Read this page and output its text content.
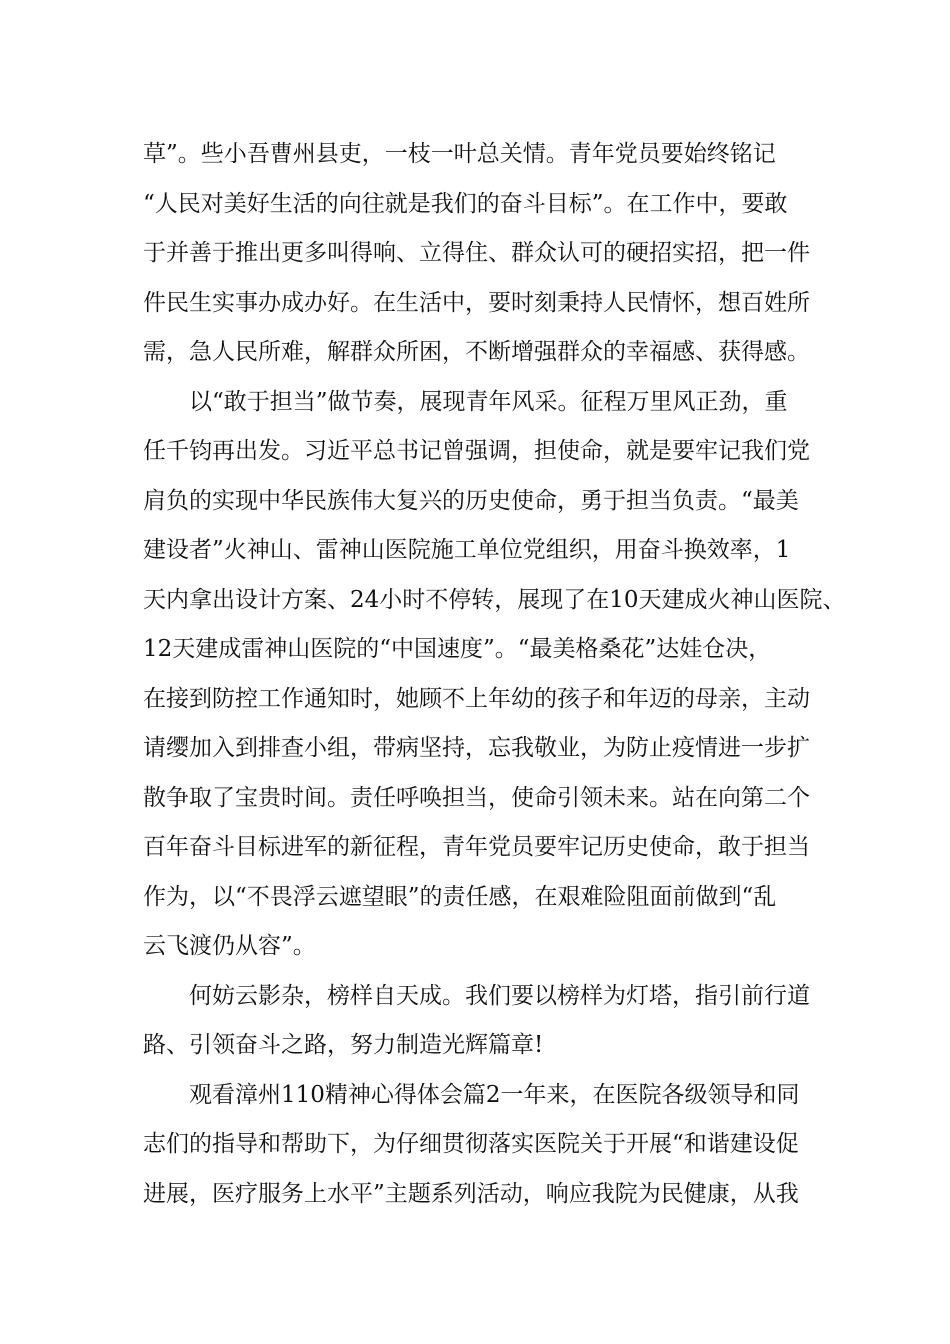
草”。些小吾曹州县吏，一枝一叶总关情。青年党员要始终铭记
“人民对美好生活的向往就是我们的奋斗目标”。在工作中，要敢
于并善于推出更多叫得响、立得住、群众认可的硬招实招，把一件
件民生实事办成办好。在生活中，要时刻秉持人民情怀，想百姓所
需，急人民所难，解群众所困，不断增强群众的幸福感、获得感。
以“敢于担当”做节奏，展现青年风采。征程万里风正劲，重
任千钧再出发。习近平总书记曾强调，担使命，就是要牢记我们党
肩负的实现中华民族伟大复兴的历史使命，勇于担当负责。“最美
建设者”火神山、雷神山医院施工单位党组织，用奋斗换效率，1
天内拿出设计方案、24小时不停转，展现了在10天建成火神山医院、
12天建成雷神山医院的“中国速度”。“最美格桑花”达娃仓决，
在接到防控工作通知时，她顾不上年幼的孩子和年迈的母亲，主动
请缨加入到排查小组，带病坚持，忘我敬业，为防止疫情进一步扩
散争取了宝贵时间。责任呼唤担当，使命引领未来。站在向第二个
百年奋斗目标进军的新征程，青年党员要牢记历史使命，敢于担当
作为，以“不畏浮云遮望眼”的责任感，在艰难险阻面前做到“乱
云飞渡仍从容”。
何妨云影杂，榜样自天成。我们要以榜样为灯塔，指引前行道
路、引领奋斗之路，努力制造光辉篇章!
观看漳州110精神心得体会篇2一年来，在医院各级领导和同
志们的指导和帮助下，为仔细贯彻落实医院关于开展“和谐建设促
进展，医疗服务上水平”主题系列活动，响应我院为民健康，从我
